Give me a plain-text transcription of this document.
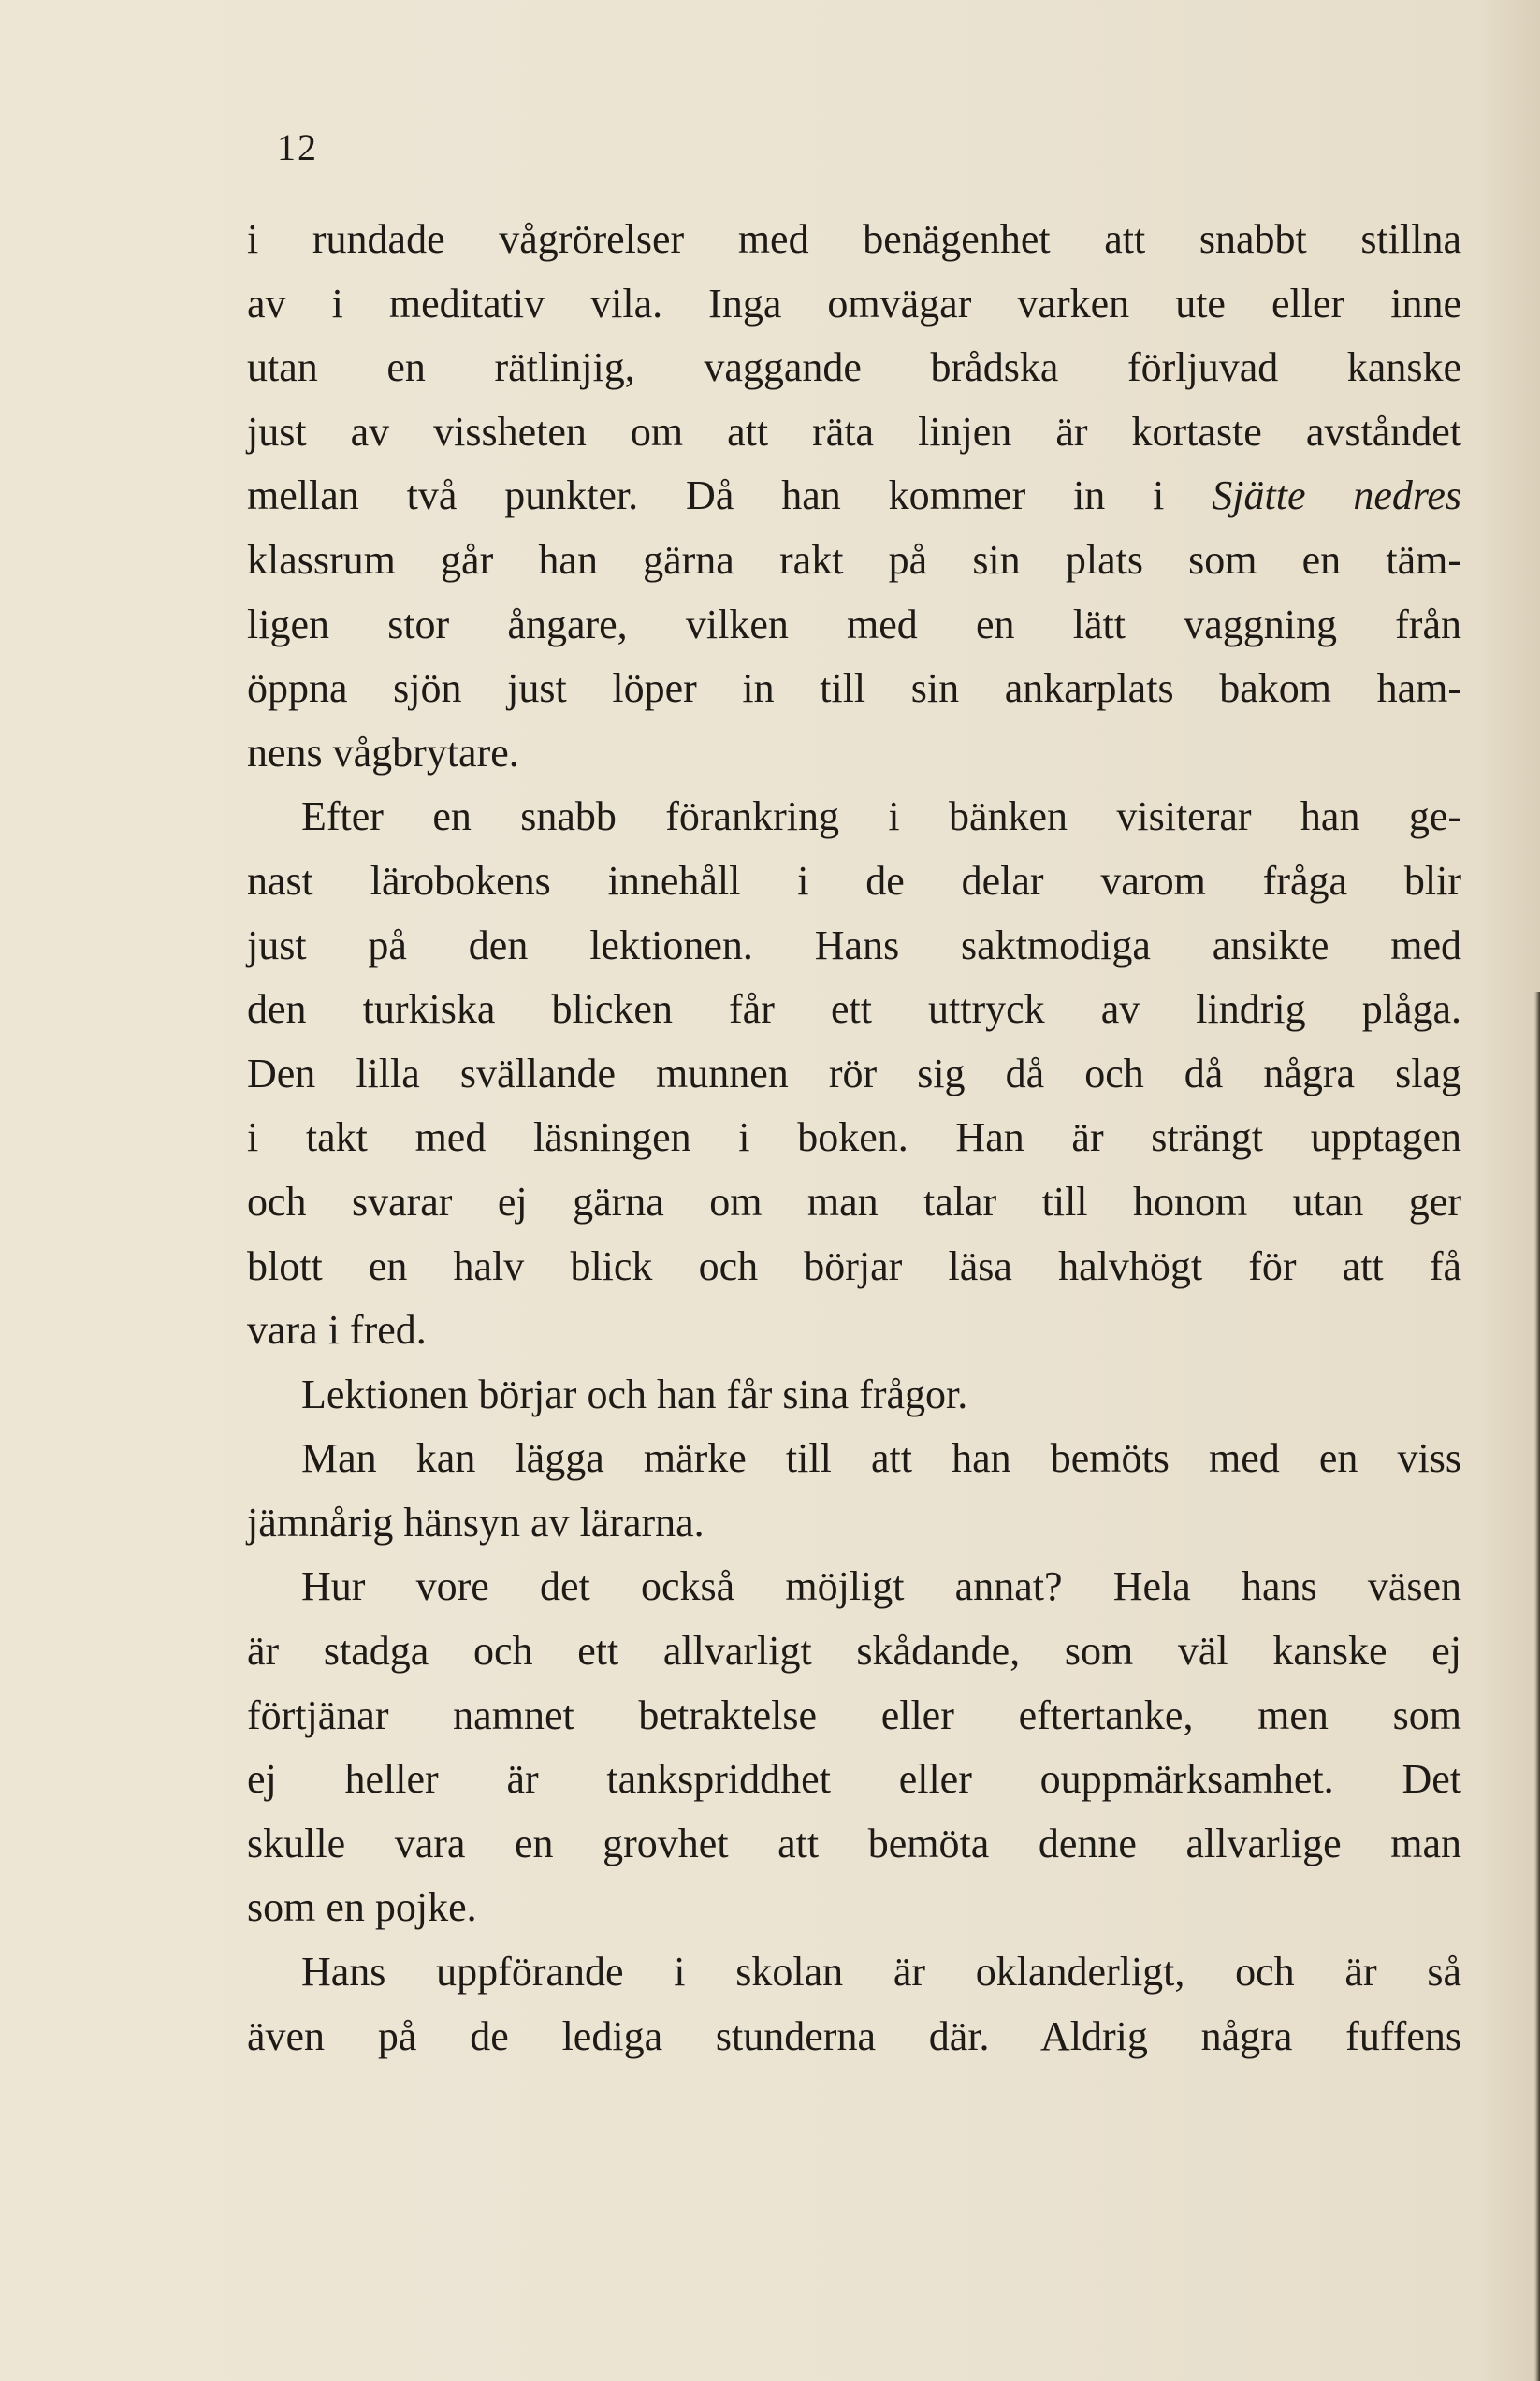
12
i rundade vågrörelser med benägenhet att snabbt stillna
av i meditativ vila. Inga omvägar varken ute eller inne
utan en rätlinjig, vaggande brådska förljuvad kanske
just av vissheten om att räta linjen är kortaste avståndet
mellan två punkter. Då han kommer in i Sjätte nedres
klassrum går han gärna rakt på sin plats som en täm-
ligen stor ångare, vilken med en lätt vaggning från
öppna sjön just löper in till sin ankarplats bakom ham-
nens vågbrytare.
Efter en snabb förankring i bänken visiterar han ge-
nast lärobokens innehåll i de delar varom fråga blir
just på den lektionen. Hans saktmodiga ansikte med
den turkiska blicken får ett uttryck av lindrig plåga.
Den lilla svällande munnen rör sig då och då några slag
i takt med läsningen i boken. Han är strängt upptagen
och svarar ej gärna om man talar till honom utan ger
blott en halv blick och börjar läsa halvhögt för att få
vara i fred.
Lektionen börjar och han får sina frågor.
Man kan lägga märke till att han bemöts med en viss
jämnårig hänsyn av lärarna.
Hur vore det också möjligt annat? Hela hans väsen
är stadga och ett allvarligt skådande, som väl kanske ej
förtjänar namnet betraktelse eller eftertanke, men som
ej heller är tankspriddhet eller ouppmärksamhet. Det
skulle vara en grovhet att bemöta denne allvarlige man
som en pojke.
Hans uppförande i skolan är oklanderligt, och är så
även på de lediga stunderna där. Aldrig några fuffens
